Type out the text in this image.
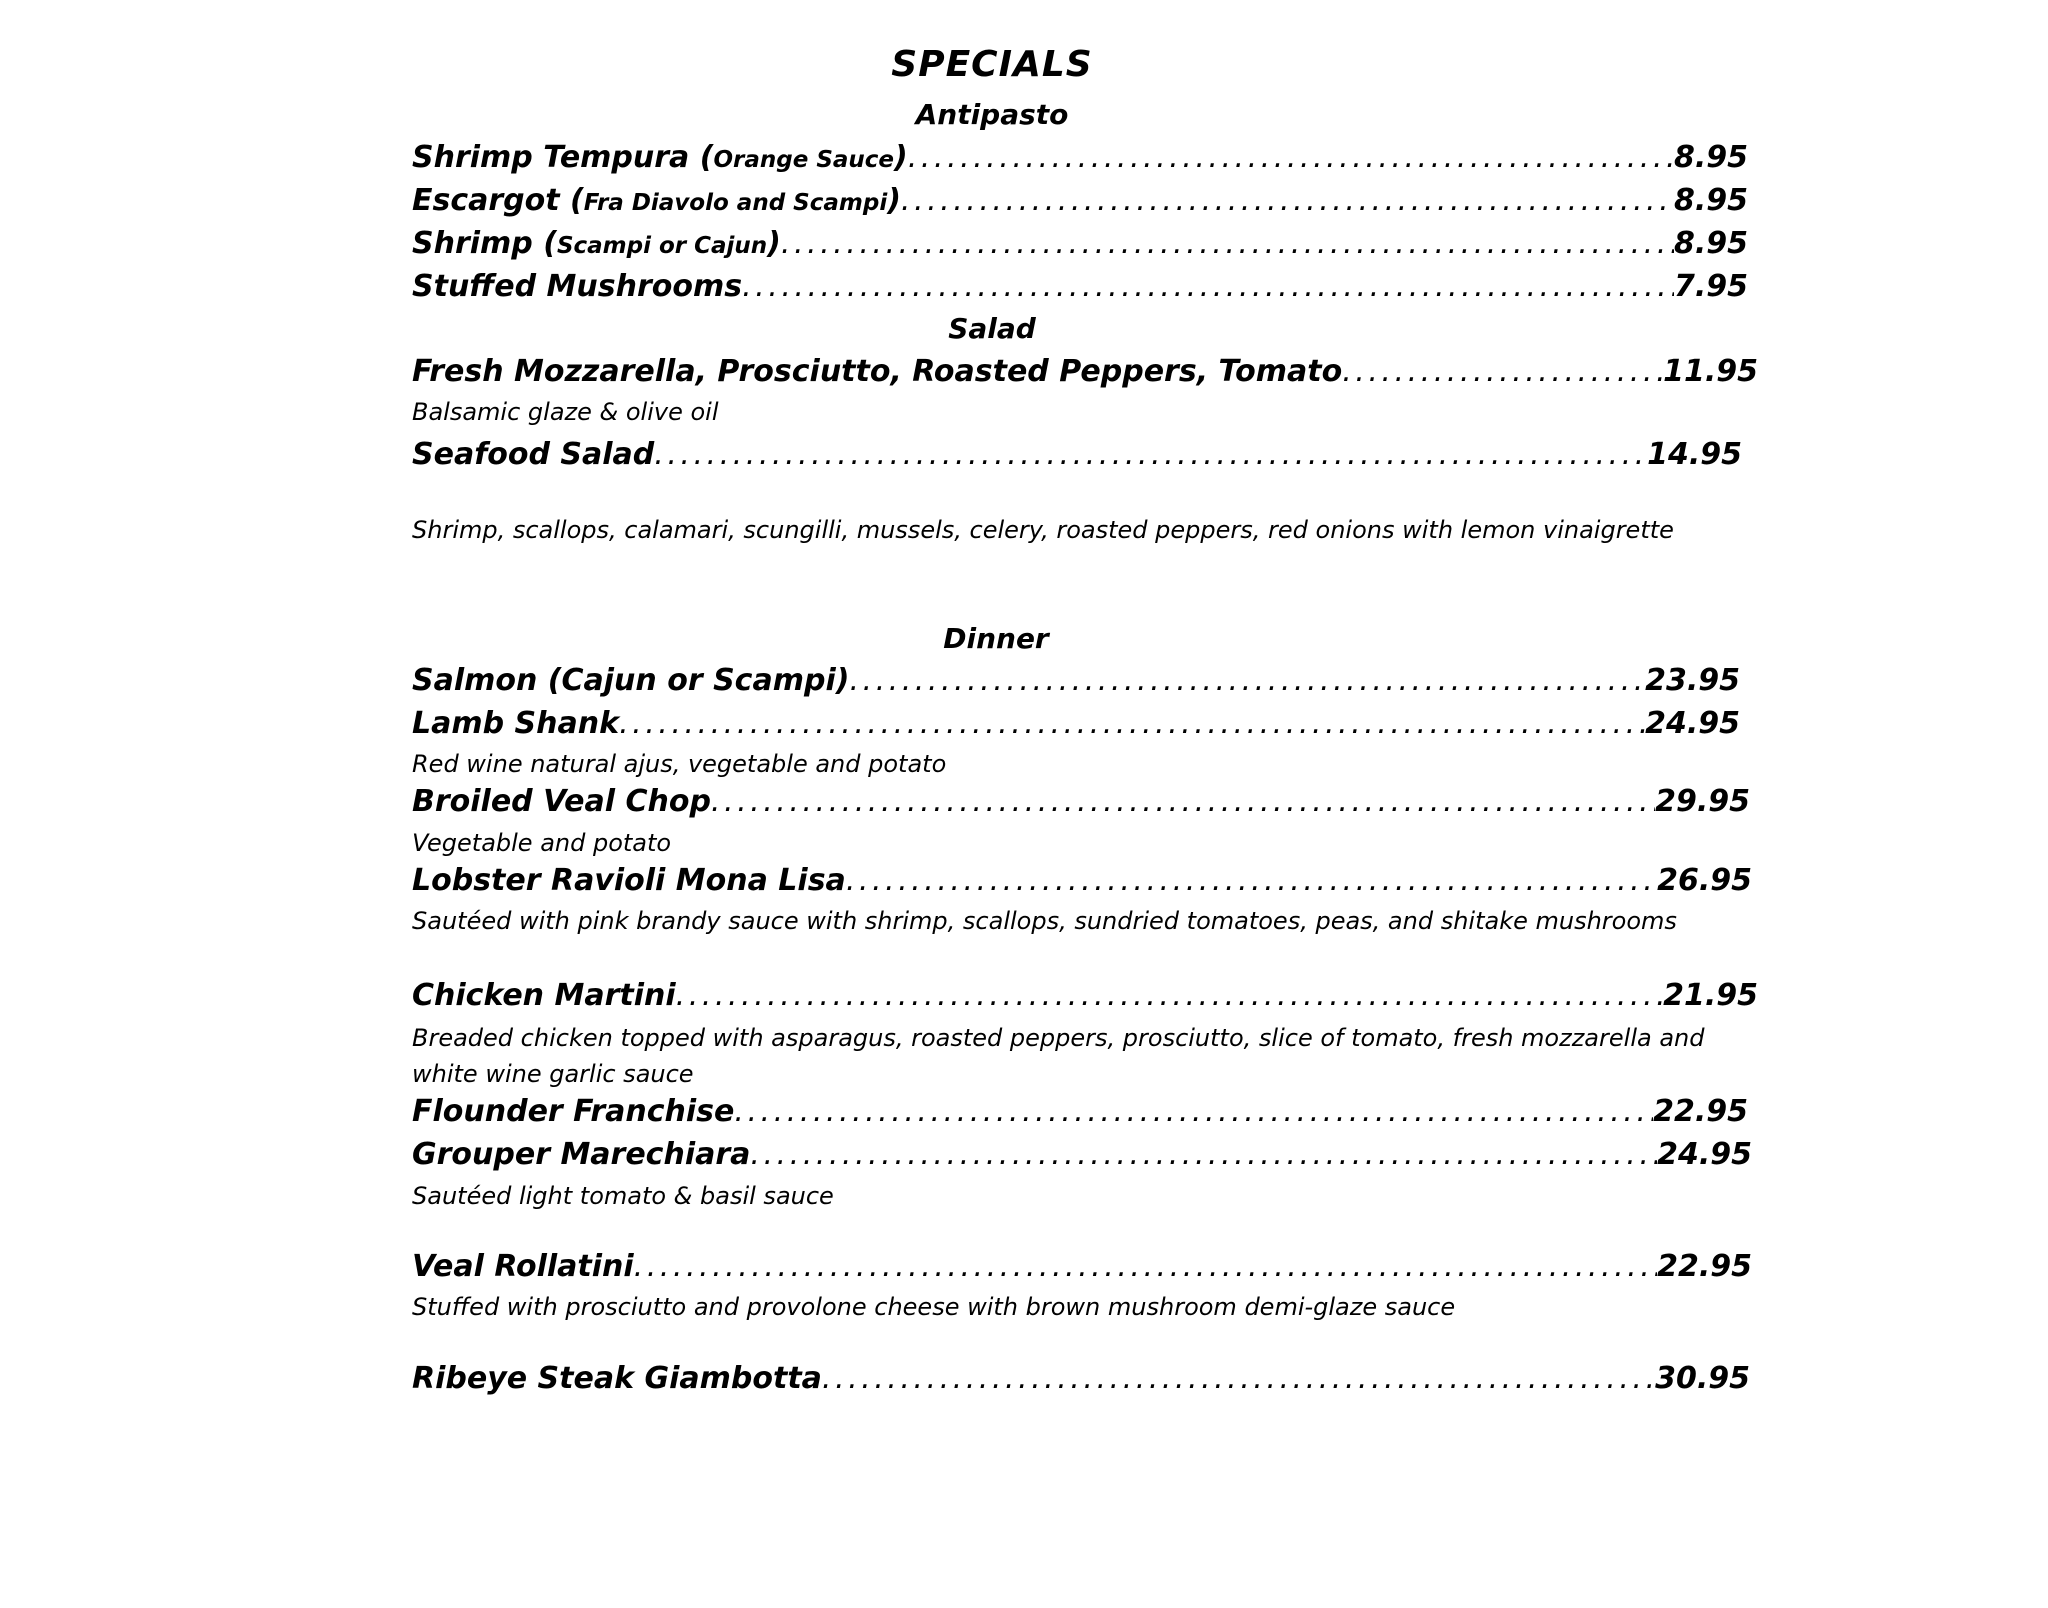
SPECIALS
Antipasto
Shrimp Tempura (Orange Sauce) . . .	8.95
Escargot (Fra Diavolo and Scampi) . . .	8.95
Shrimp (Scampi or Cajun) . . .	8.95
Stuffed Mushrooms . . .	7.95
Salad
Fresh Mozzarella, Prosciutto, Roasted Peppers, Tomato . . .	11.95
Balsamic glaze & olive oil
Seafood Salad . . .	14.95
Shrimp, scallops, calamari, scungilli, mussels, celery, roasted peppers, red onions with lemon vinaigrette
Dinner
Salmon (Cajun or Scampi) . . .	23.95
Lamb Shank . . .	24.95
Red wine natural ajus, vegetable and potato
Broiled Veal Chop . . .	29.95
Vegetable and potato
Lobster Ravioli Mona Lisa . . .	26.95
Sautéed with pink brandy sauce with shrimp, scallops, sundried tomatoes, peas, and shitake mushrooms
Chicken Martini . . .	21.95
Breaded chicken topped with asparagus, roasted peppers, prosciutto, slice of tomato, fresh mozzarella and white wine garlic sauce
Flounder Franchise . . .	22.95
Grouper Marechiara . . .	24.95
Sautéed light tomato & basil sauce
Veal Rollatini . . .	22.95
Stuffed with prosciutto and provolone cheese with brown mushroom demi-glaze sauce
Ribeye Steak Giambotta . . .	30.95
